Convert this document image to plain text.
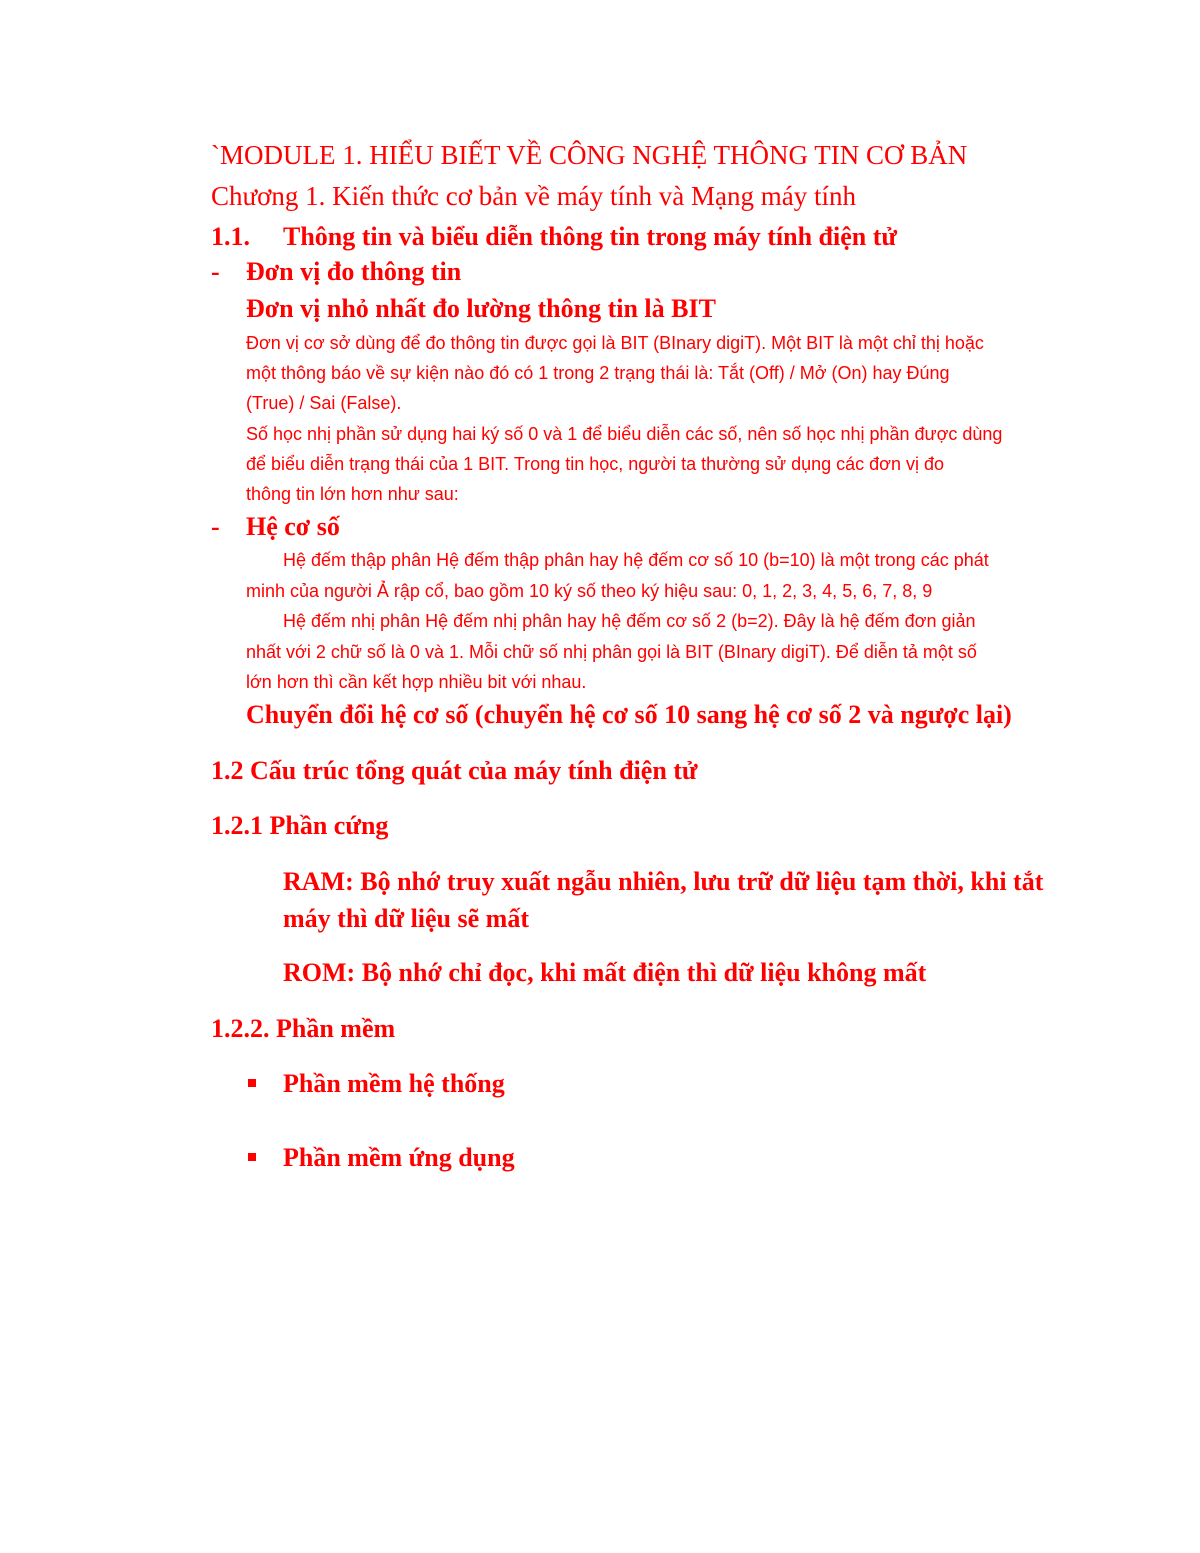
`MODULE 1. HIỂU BIẾT VỀ CÔNG NGHỆ THÔNG TIN CƠ BẢN
Chương 1. Kiến thức cơ bản về máy tính và Mạng máy tính
1.1. Thông tin và biểu diễn thông tin trong máy tính điện tử
- Đơn vị đo thông tin
Đơn vị nhỏ nhất đo lường thông tin là BIT
Đơn vị cơ sở dùng để đo thông tin được gọi là BIT (BInary digiT). Một BIT là một chỉ thị hoặc
một thông báo về sự kiện nào đó có 1 trong 2 trạng thái là: Tắt (Off) / Mở (On) hay Đúng
(True) / Sai (False).
Số học nhị phần sử dụng hai ký số 0 và 1 để biểu diễn các số, nên số học nhị phần được dùng
để biểu diễn trạng thái của 1 BIT. Trong tin học, người ta thường sử dụng các đơn vị đo
thông tin lớn hơn như sau:
- Hệ cơ số
Hệ đếm thập phân Hệ đếm thập phân hay hệ đếm cơ số 10 (b=10) là một trong các phát
minh của người Ả rập cổ, bao gồm 10 ký số theo ký hiệu sau: 0, 1, 2, 3, 4, 5, 6, 7, 8, 9
Hệ đếm nhị phân Hệ đếm nhị phân hay hệ đếm cơ số 2 (b=2). Đây là hệ đếm đơn giản
nhất với 2 chữ số là 0 và 1. Mỗi chữ số nhị phân gọi là BIT (BInary digiT). Để diễn tả một số
lớn hơn thì cần kết hợp nhiều bit với nhau.
Chuyển đổi hệ cơ số (chuyển hệ cơ số 10 sang hệ cơ số 2 và ngược lại)
1.2 Cấu trúc tổng quát của máy tính điện tử
1.2.1 Phần cứng
RAM: Bộ nhớ truy xuất ngẫu nhiên, lưu trữ dữ liệu tạm thời, khi tắt
máy thì dữ liệu sẽ mất
ROM: Bộ nhớ chỉ đọc, khi mất điện thì dữ liệu không mất
1.2.2. Phần mềm
Phần mềm hệ thống
Phần mềm ứng dụng
